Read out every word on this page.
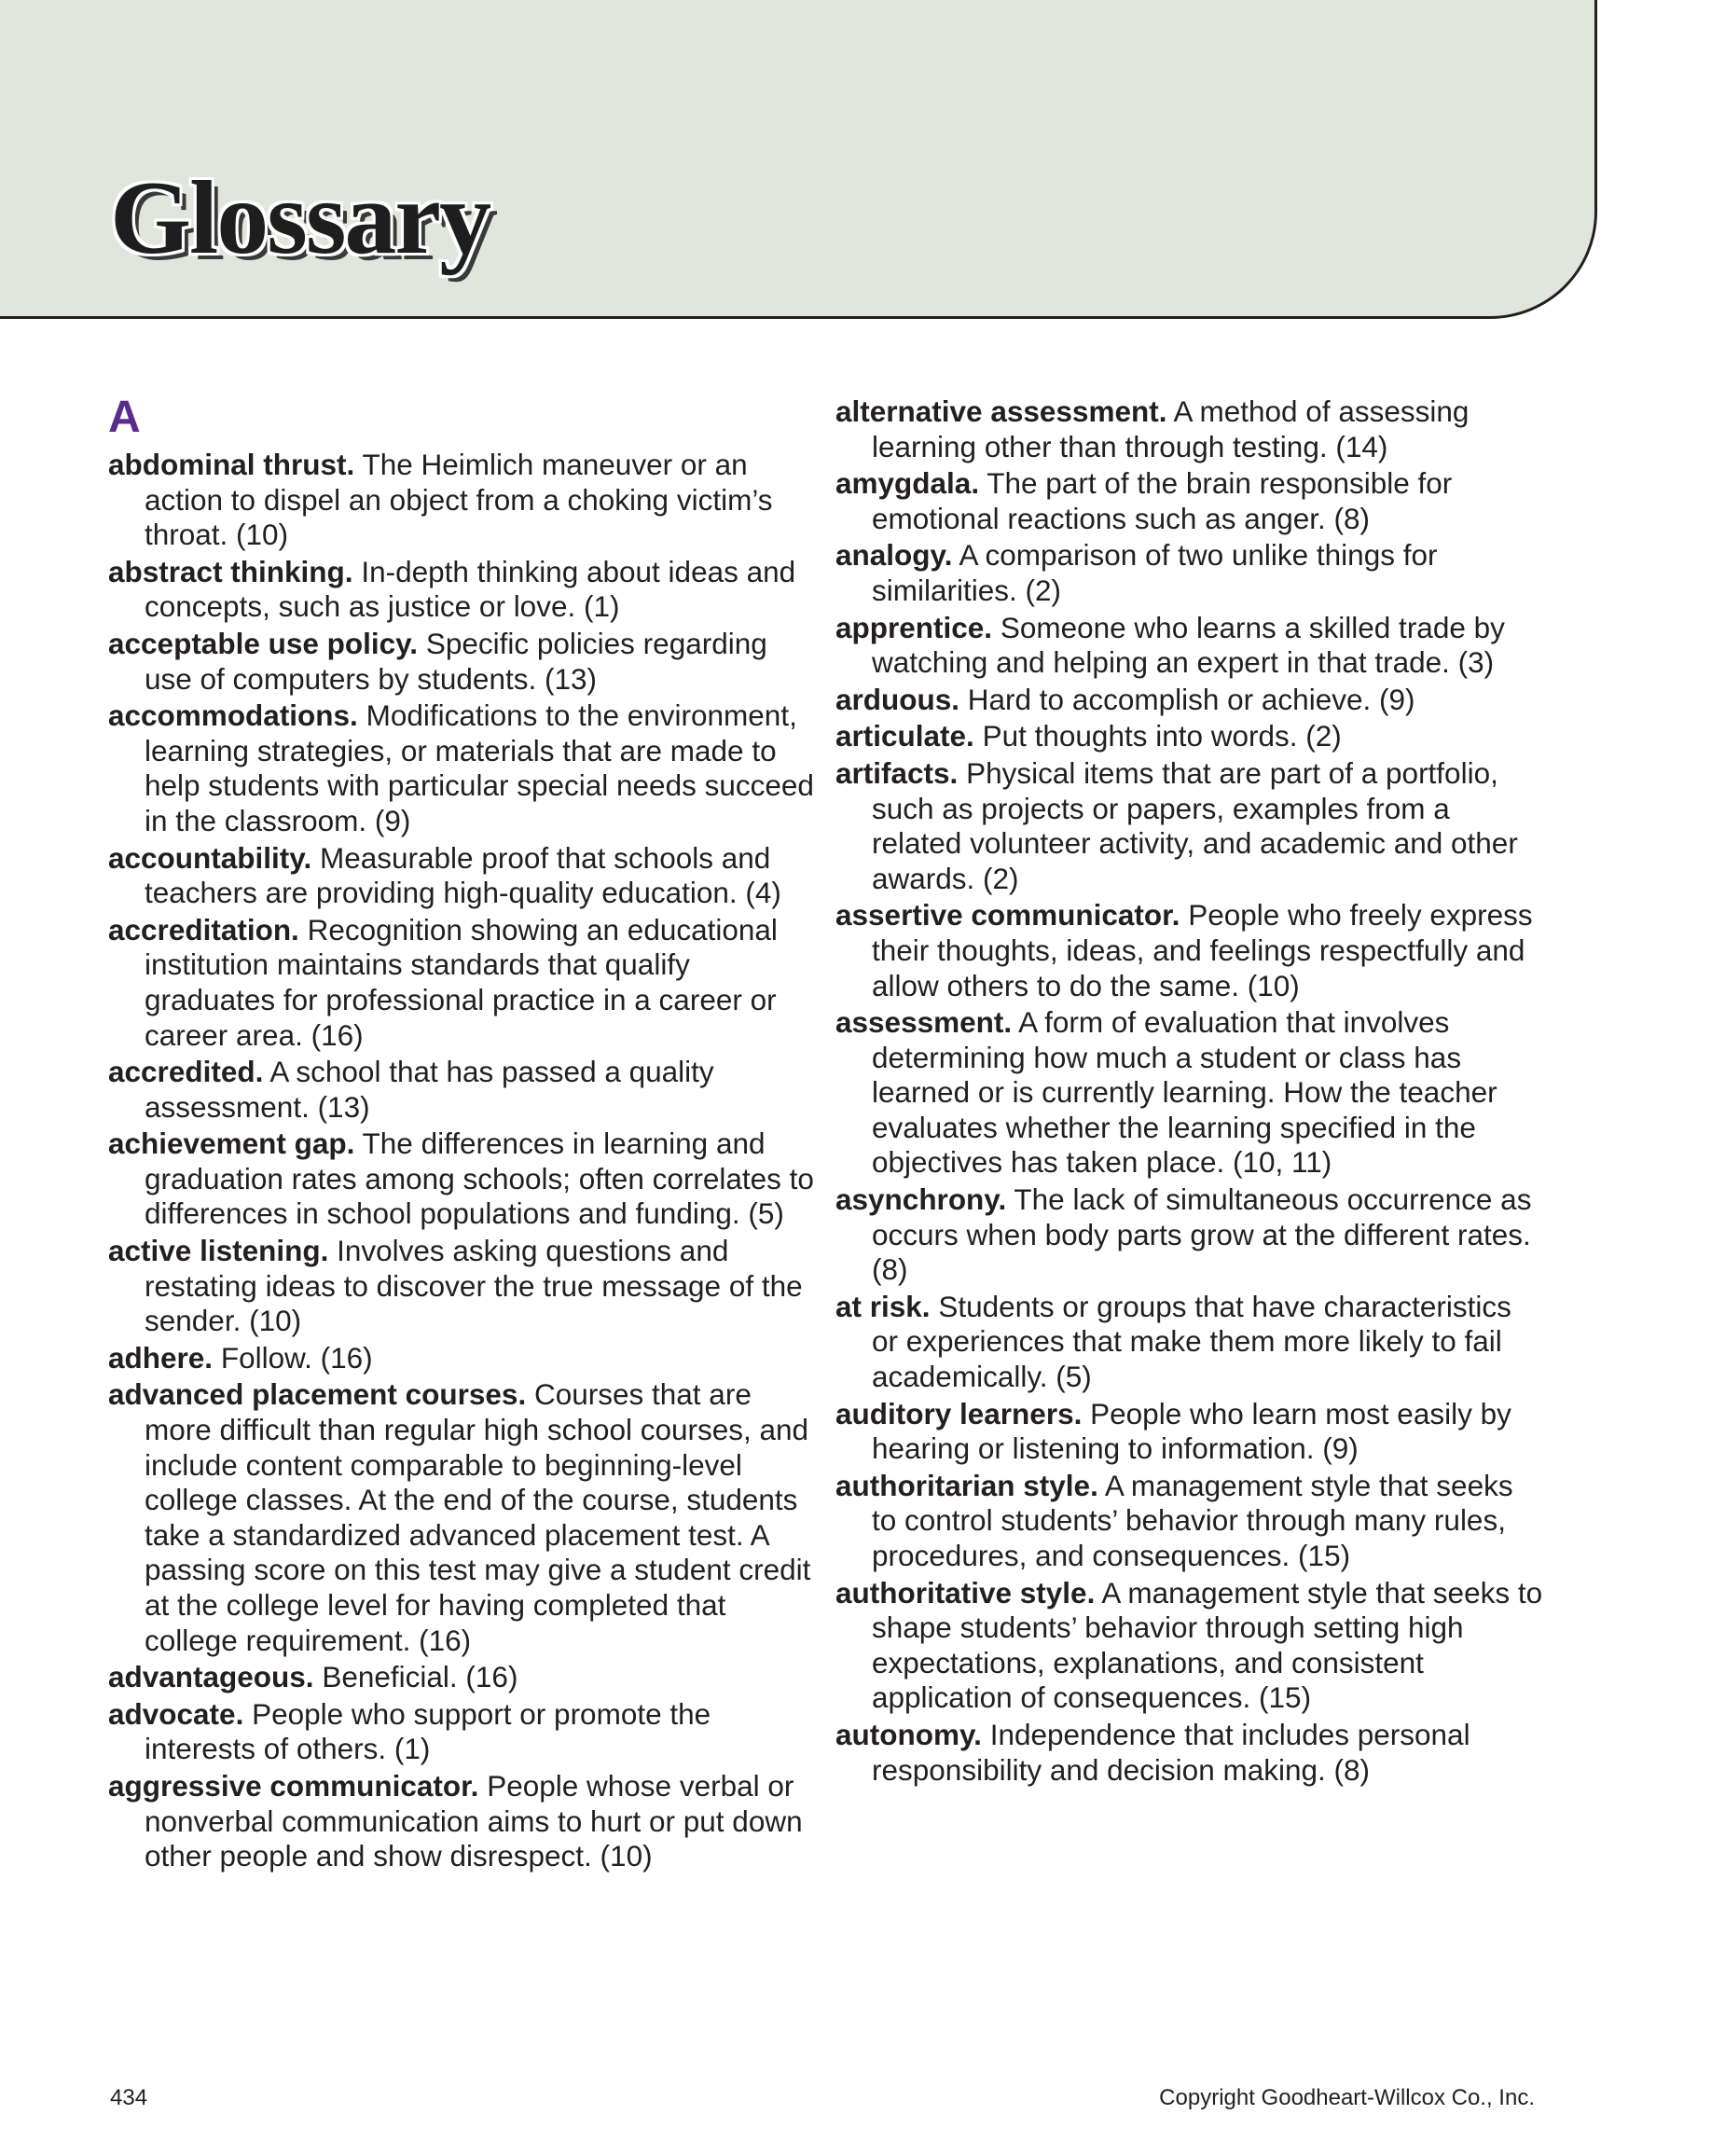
Glossary
A

abdominal thrust. The Heimlich maneuver or an action to dispel an object from a choking victim’s throat. (10)

abstract thinking. In-depth thinking about ideas and concepts, such as justice or love. (1)

acceptable use policy. Specific policies regarding use of computers by students. (13)

accommodations. Modifications to the environment, learning strategies, or materials that are made to help students with particular special needs succeed in the classroom. (9)

accountability. Measurable proof that schools and teachers are providing high-quality education. (4)

accreditation. Recognition showing an educational institution maintains standards that qualify graduates for professional practice in a career or career area. (16)

accredited. A school that has passed a quality assessment. (13)

achievement gap. The differences in learning and graduation rates among schools; often correlates to differences in school populations and funding. (5)

active listening. Involves asking questions and restating ideas to discover the true message of the sender. (10)

adhere. Follow. (16)

advanced placement courses. Courses that are more difficult than regular high school courses, and include content comparable to beginning-level college classes. At the end of the course, students take a standardized advanced placement test. A passing score on this test may give a student credit at the college level for having completed that college requirement. (16)

advantageous. Beneficial. (16)

advocate. People who support or promote the interests of others. (1)

aggressive communicator. People whose verbal or nonverbal communication aims to hurt or put down other people and show disrespect. (10)

alternative assessment. A method of assessing learning other than through testing. (14)

amygdala. The part of the brain responsible for emotional reactions such as anger. (8)

analogy. A comparison of two unlike things for similarities. (2)

apprentice. Someone who learns a skilled trade by watching and helping an expert in that trade. (3)

arduous. Hard to accomplish or achieve. (9)

articulate. Put thoughts into words. (2)

artifacts. Physical items that are part of a portfolio, such as projects or papers, examples from a related volunteer activity, and academic and other awards. (2)

assertive communicator. People who freely express their thoughts, ideas, and feelings respectfully and allow others to do the same. (10)

assessment. A form of evaluation that involves determining how much a student or class has learned or is currently learning. How the teacher evaluates whether the learning specified in the objectives has taken place. (10, 11)

asynchrony. The lack of simultaneous occurrence as occurs when body parts grow at the different rates. (8)

at risk. Students or groups that have characteristics or experiences that make them more likely to fail academically. (5)

auditory learners. People who learn most easily by hearing or listening to information. (9)

authoritarian style. A management style that seeks to control students’ behavior through many rules, procedures, and consequences. (15)

authoritative style. A management style that seeks to shape students’ behavior through setting high expectations, explanations, and consistent application of consequences. (15)

autonomy. Independence that includes personal responsibility and decision making. (8)

434	Copyright Goodheart-Willcox Co., Inc.
